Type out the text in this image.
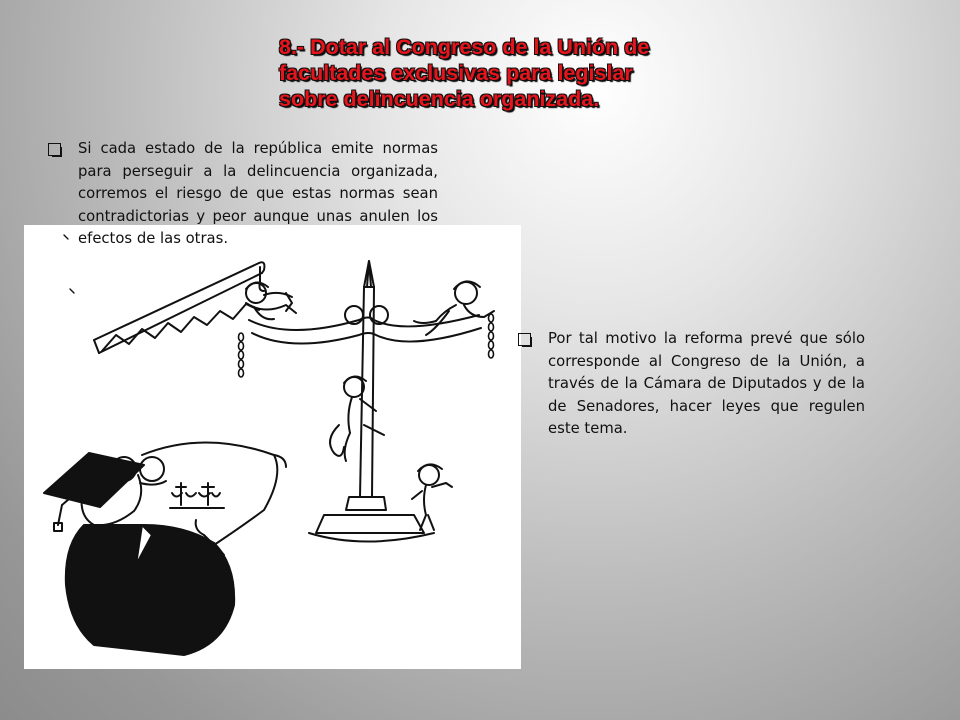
8.- Dotar al Congreso de la Unión de
facultades exclusivas para legislar
sobre delincuencia organizada.
Si cada estado de la república emite normas para perseguir a la delincuencia organizada, corremos el riesgo de que estas normas sean contradictorias y peor aunque unas anulen los efectos de las otras.
Por tal motivo la reforma prevé que sólo corresponde al Congreso de la Unión, a través de la Cámara de Diputados y de la de Senadores, hacer leyes que regulen este tema.
